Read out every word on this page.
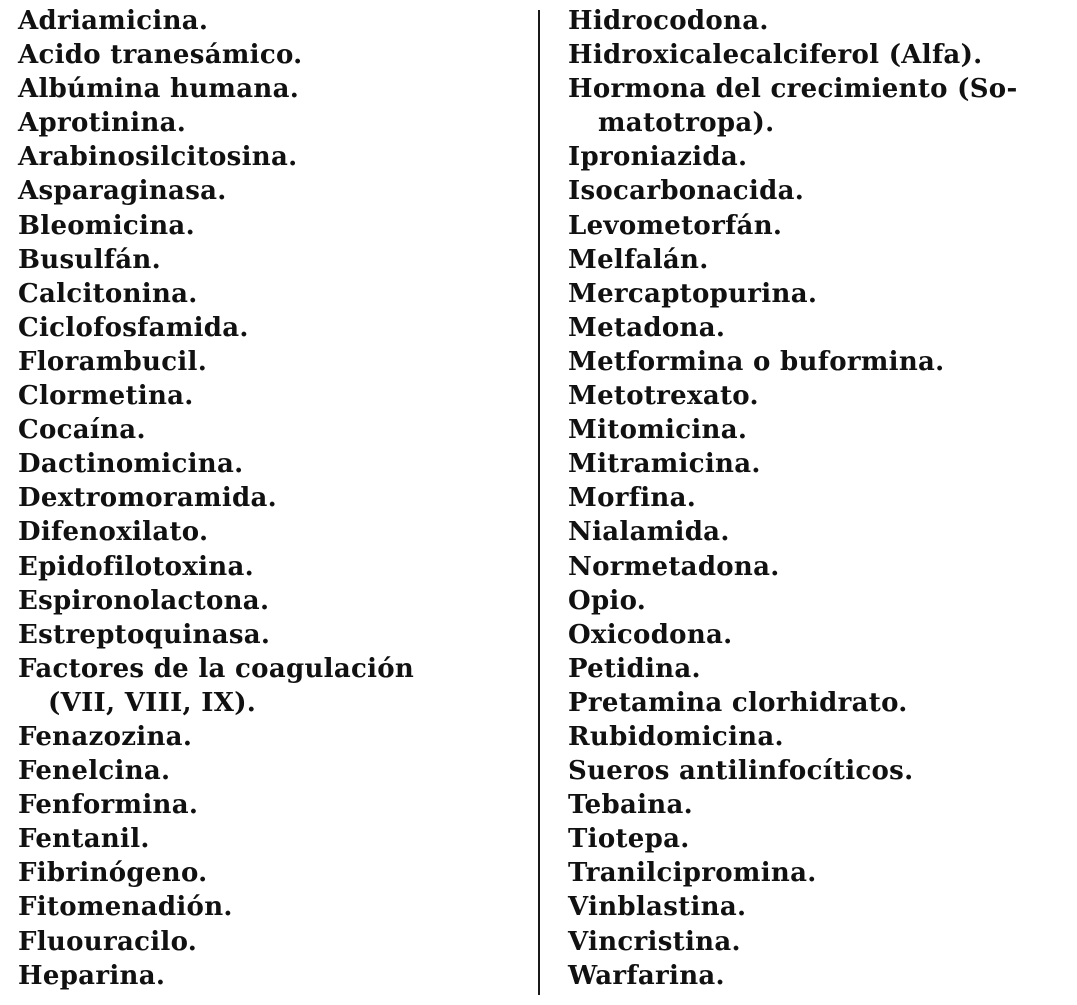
Adriamicina.
Acido tranesámico.
Albúmina humana.
Aprotinina.
Arabinosilcitosina.
Asparaginasa.
Bleomicina.
Busulfán.
Calcitonina.
Ciclofosfamida.
Florambucil.
Clormetina.
Cocaína.
Dactinomicina.
Dextromoramida.
Difenoxilato.
Epidofilotoxina.
Espironolactona.
Estreptoquinasa.
Factores de la coagulación
(VII, VIII, IX).
Fenazozina.
Fenelcina.
Fenformina.
Fentanil.
Fibrinógeno.
Fitomenadión.
Fluouracilo.
Heparina.
Hidrocodona.
Hidroxicalecalciferol (Alfa).
Hormona del crecimiento (So-
matotropa).
Iproniazida.
Isocarbonacida.
Levometorfán.
Melfalán.
Mercaptopurina.
Metadona.
Metformina o buformina.
Metotrexato.
Mitomicina.
Mitramicina.
Morfina.
Nialamida.
Normetadona.
Opio.
Oxicodona.
Petidina.
Pretamina clorhidrato.
Rubidomicina.
Sueros antilinfocíticos.
Tebaina.
Tiotepa.
Tranilcipromina.
Vinblastina.
Vincristina.
Warfarina.
